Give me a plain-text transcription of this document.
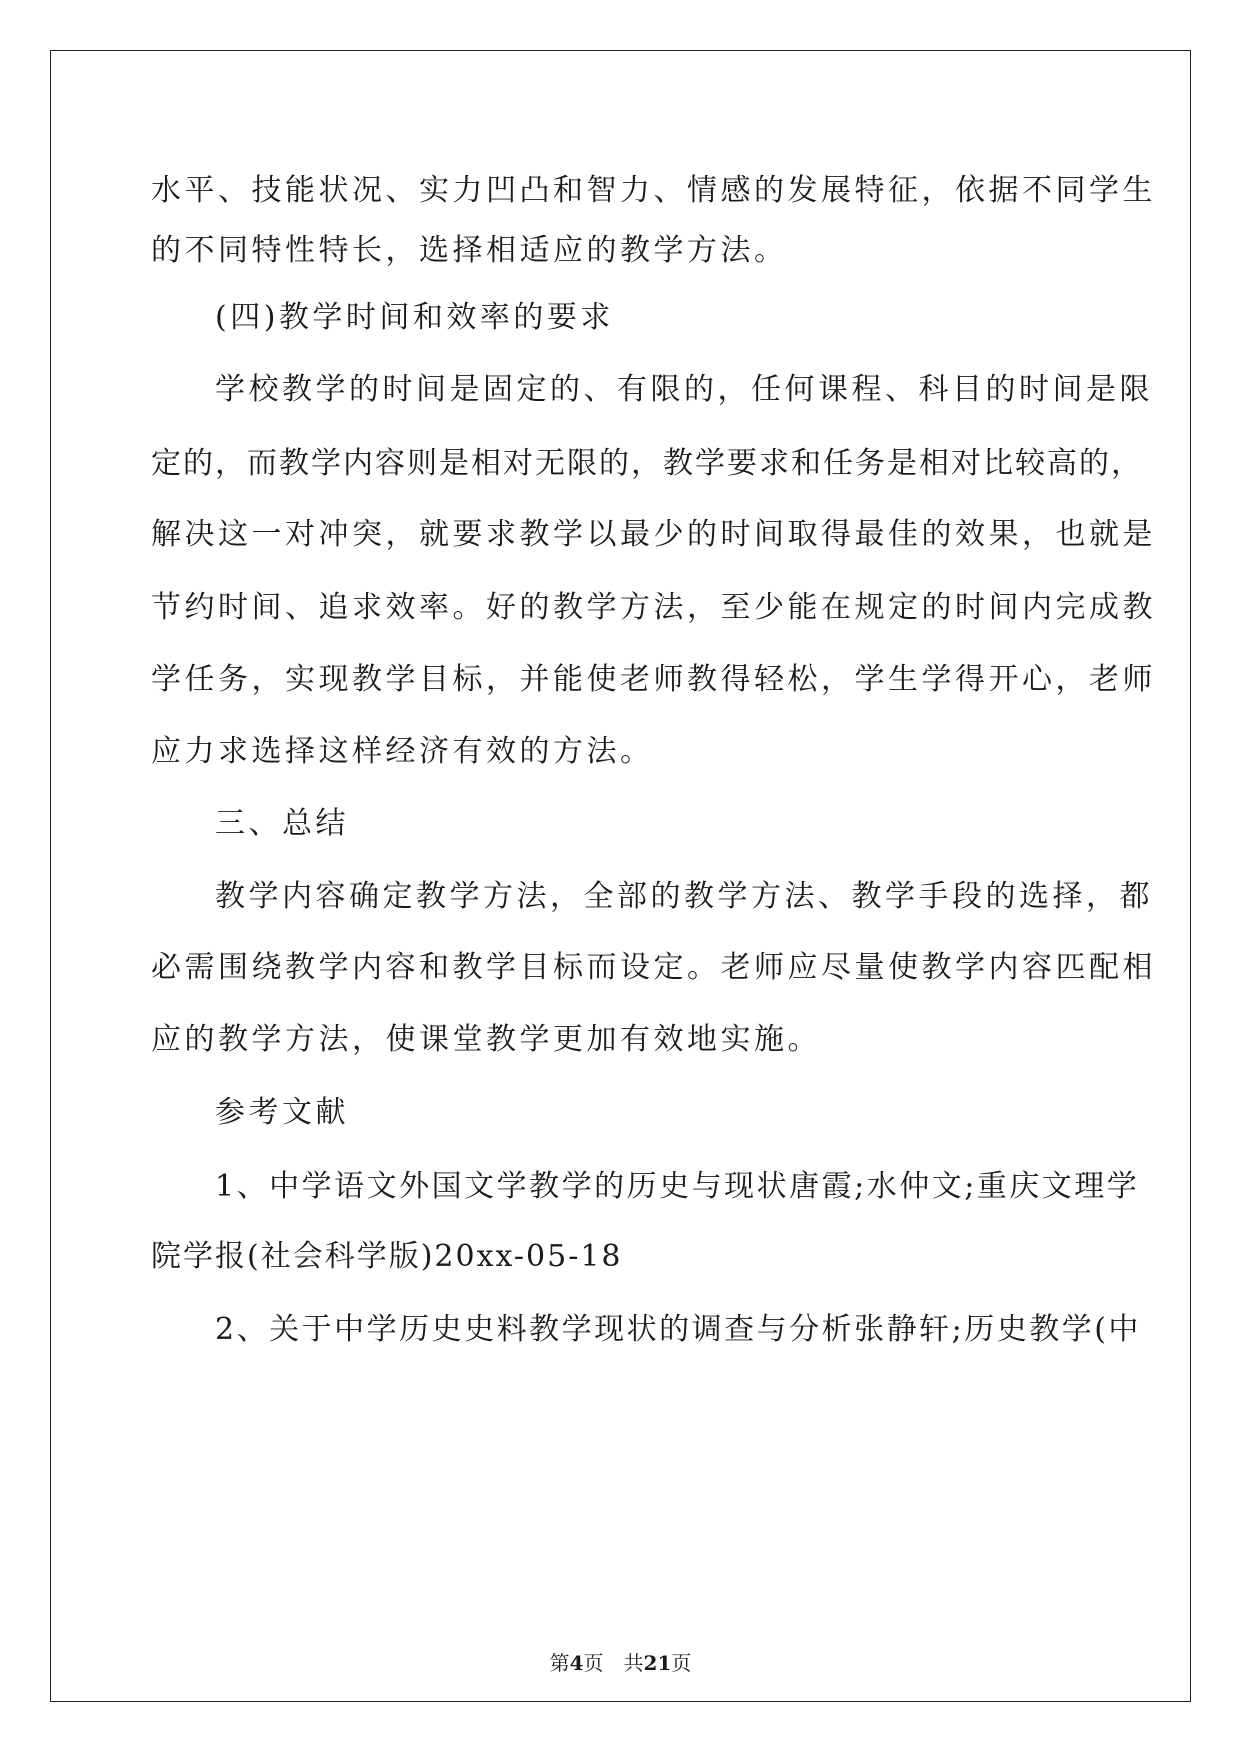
水平、技能状况、实力凹凸和智力、情感的发展特征，依据不同学生
的不同特性特长，选择相适应的教学方法。
(四)教学时间和效率的要求
学校教学的时间是固定的、有限的，任何课程、科目的时间是限
定的，而教学内容则是相对无限的，教学要求和任务是相对比较高的，
解决这一对冲突，就要求教学以最少的时间取得最佳的效果，也就是
节约时间、追求效率。好的教学方法，至少能在规定的时间内完成教
学任务，实现教学目标，并能使老师教得轻松，学生学得开心，老师
应力求选择这样经济有效的方法。
三、总结
教学内容确定教学方法，全部的教学方法、教学手段的选择，都
必需围绕教学内容和教学目标而设定。老师应尽量使教学内容匹配相
应的教学方法，使课堂教学更加有效地实施。
参考文献
1、中学语文外国文学教学的历史与现状唐霞;水仲文;重庆文理学
院学报(社会科学版)20xx-05-18
2、关于中学历史史料教学现状的调查与分析张静轩;历史教学(中
第4页　共21页
